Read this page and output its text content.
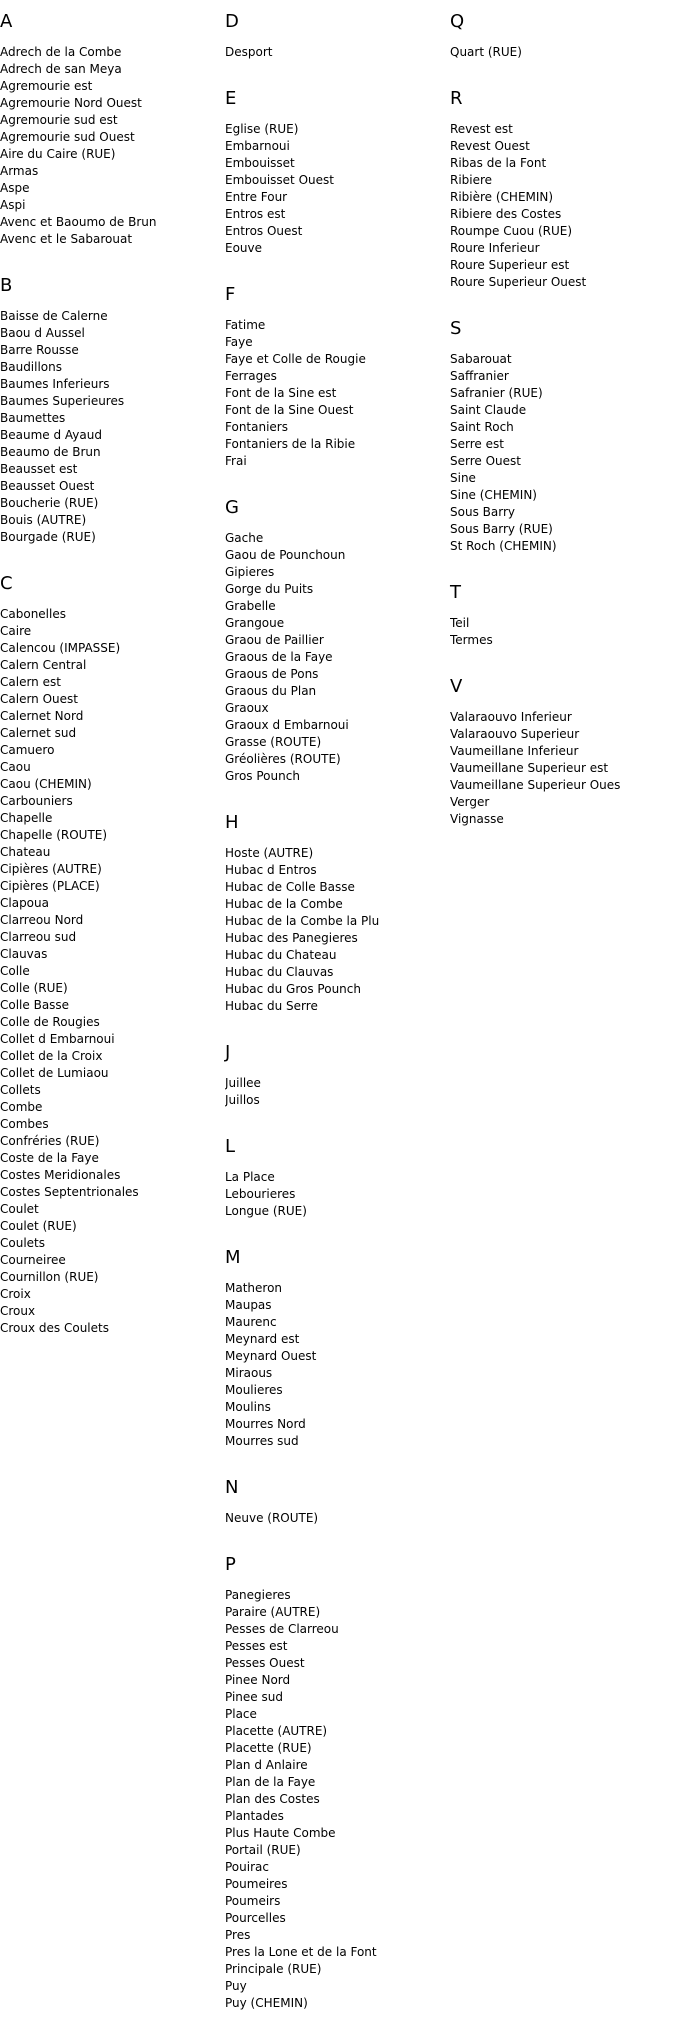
A
Adrech de la Combe
Adrech de san Meya
Agremourie est
Agremourie Nord Ouest
Agremourie sud est
Agremourie sud Ouest
Aire du Caire (RUE)
Armas
Aspe
Aspi
Avenc et Baoumo de Brun
Avenc et le Sabarouat
B
Baisse de Calerne
Baou d Aussel
Barre Rousse
Baudillons
Baumes Inferieurs
Baumes Superieures
Baumettes
Beaume d Ayaud
Beaumo de Brun
Beausset est
Beausset Ouest
Boucherie (RUE)
Bouis (AUTRE)
Bourgade (RUE)
C
Cabonelles
Caire
Calencou (IMPASSE)
Calern Central
Calern est
Calern Ouest
Calernet Nord
Calernet sud
Camuero
Caou
Caou (CHEMIN)
Carbouniers
Chapelle
Chapelle (ROUTE)
Chateau
Cipières (AUTRE)
Cipières (PLACE)
Clapoua
Clarreou Nord
Clarreou sud
Clauvas
Colle
Colle (RUE)
Colle Basse
Colle de Rougies
Collet d Embarnoui
Collet de la Croix
Collet de Lumiaou
Collets
Combe
Combes
Confréries (RUE)
Coste de la Faye
Costes Meridionales
Costes Septentrionales
Coulet
Coulet (RUE)
Coulets
Courneiree
Cournillon (RUE)
Croix
Croux
Croux des Coulets
D
Desport
E
Eglise (RUE)
Embarnoui
Embouisset
Embouisset Ouest
Entre Four
Entros est
Entros Ouest
Eouve
F
Fatime
Faye
Faye et Colle de Rougie
Ferrages
Font de la Sine est
Font de la Sine Ouest
Fontaniers
Fontaniers de la Ribie
Frai
G
Gache
Gaou de Pounchoun
Gipieres
Gorge du Puits
Grabelle
Grangoue
Graou de Paillier
Graous de la Faye
Graous de Pons
Graous du Plan
Graoux
Graoux d Embarnoui
Grasse (ROUTE)
Gréolières (ROUTE)
Gros Pounch
H
Hoste (AUTRE)
Hubac d Entros
Hubac de Colle Basse
Hubac de la Combe
Hubac de la Combe la Plu
Hubac des Panegieres
Hubac du Chateau
Hubac du Clauvas
Hubac du Gros Pounch
Hubac du Serre
J
Juillee
Juillos
L
La Place
Lebourieres
Longue (RUE)
M
Matheron
Maupas
Maurenc
Meynard est
Meynard Ouest
Miraous
Moulieres
Moulins
Mourres Nord
Mourres sud
N
Neuve (ROUTE)
P
Panegieres
Paraire (AUTRE)
Pesses de Clarreou
Pesses est
Pesses Ouest
Pinee Nord
Pinee sud
Place
Placette (AUTRE)
Placette (RUE)
Plan d Anlaire
Plan de la Faye
Plan des Costes
Plantades
Plus Haute Combe
Portail (RUE)
Pouirac
Poumeires
Poumeirs
Pourcelles
Pres
Pres la Lone et de la Font
Principale (RUE)
Puy
Puy (CHEMIN)
Q
Quart (RUE)
R
Revest est
Revest Ouest
Ribas de la Font
Ribiere
Ribière (CHEMIN)
Ribiere des Costes
Roumpe Cuou (RUE)
Roure Inferieur
Roure Superieur est
Roure Superieur Ouest
S
Sabarouat
Saffranier
Safranier (RUE)
Saint Claude
Saint Roch
Serre est
Serre Ouest
Sine
Sine (CHEMIN)
Sous Barry
Sous Barry (RUE)
St Roch (CHEMIN)
T
Teil
Termes
V
Valaraouvo Inferieur
Valaraouvo Superieur
Vaumeillane Inferieur
Vaumeillane Superieur est
Vaumeillane Superieur Oues
Verger
Vignasse
